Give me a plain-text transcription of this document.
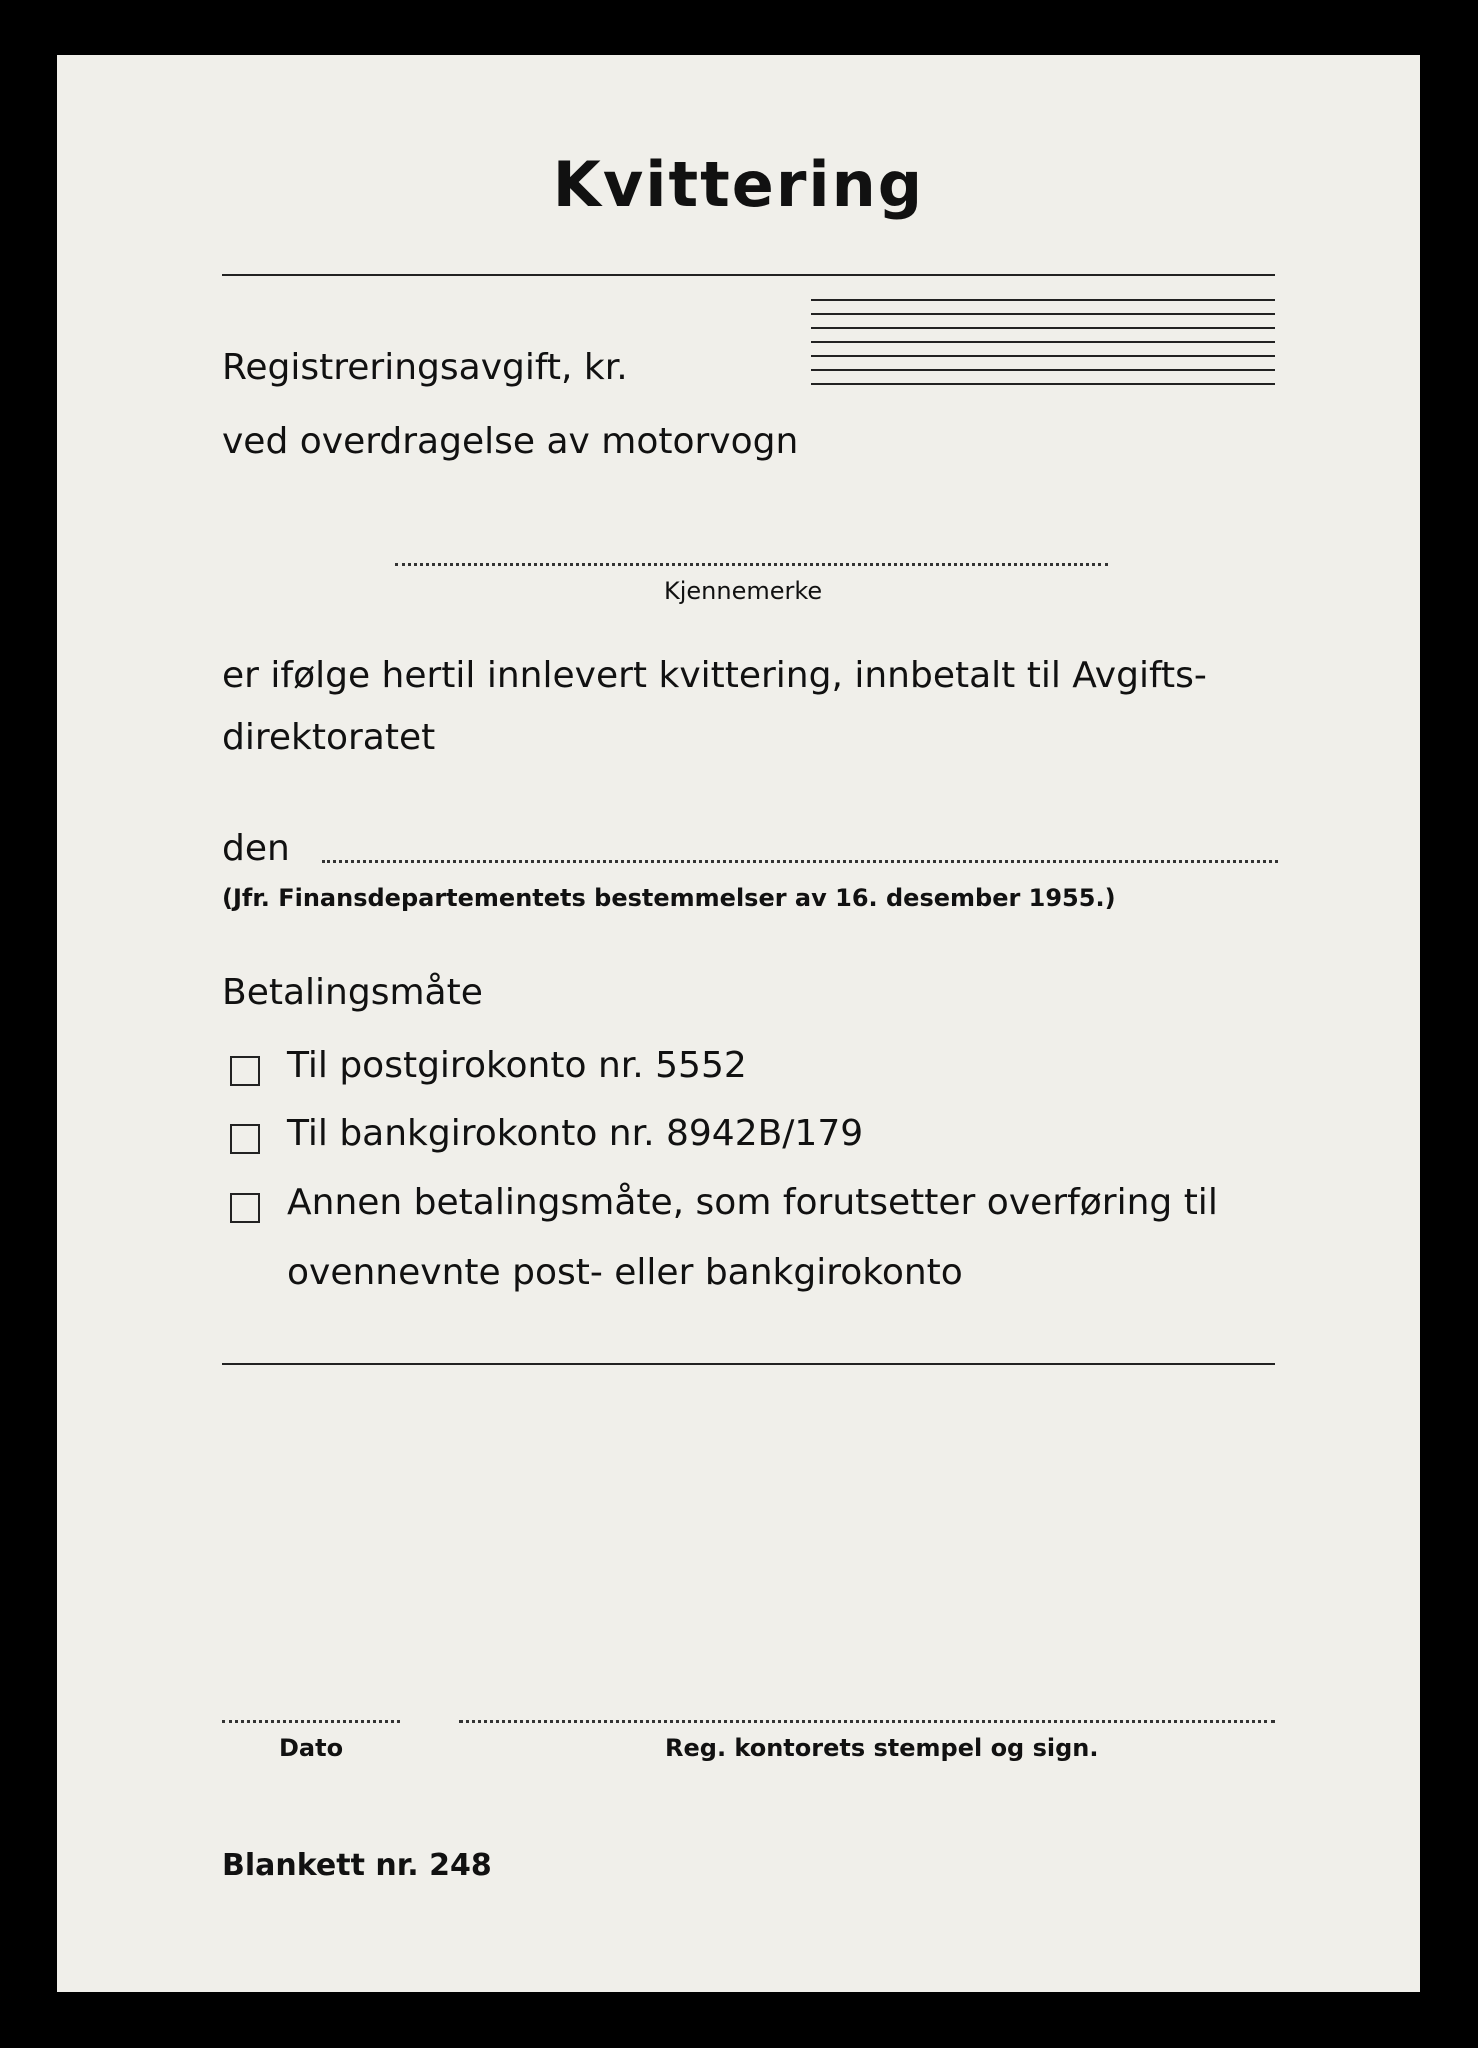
Kvittering
Registreringsavgift, kr.
ved overdragelse av motorvogn
Kjennemerke
er ifølge hertil innlevert kvittering, innbetalt til Avgifts-
direktoratet
den
(Jfr. Finansdepartementets bestemmelser av 16. desember 1955.)
Betalingsmåte
Til postgirokonto nr. 5552
Til bankgirokonto nr. 8942B/179
Annen betalingsmåte, som forutsetter overføring til
ovennevnte post- eller bankgirokonto
Dato	Reg. kontorets stempel og sign.
Blankett nr. 248
